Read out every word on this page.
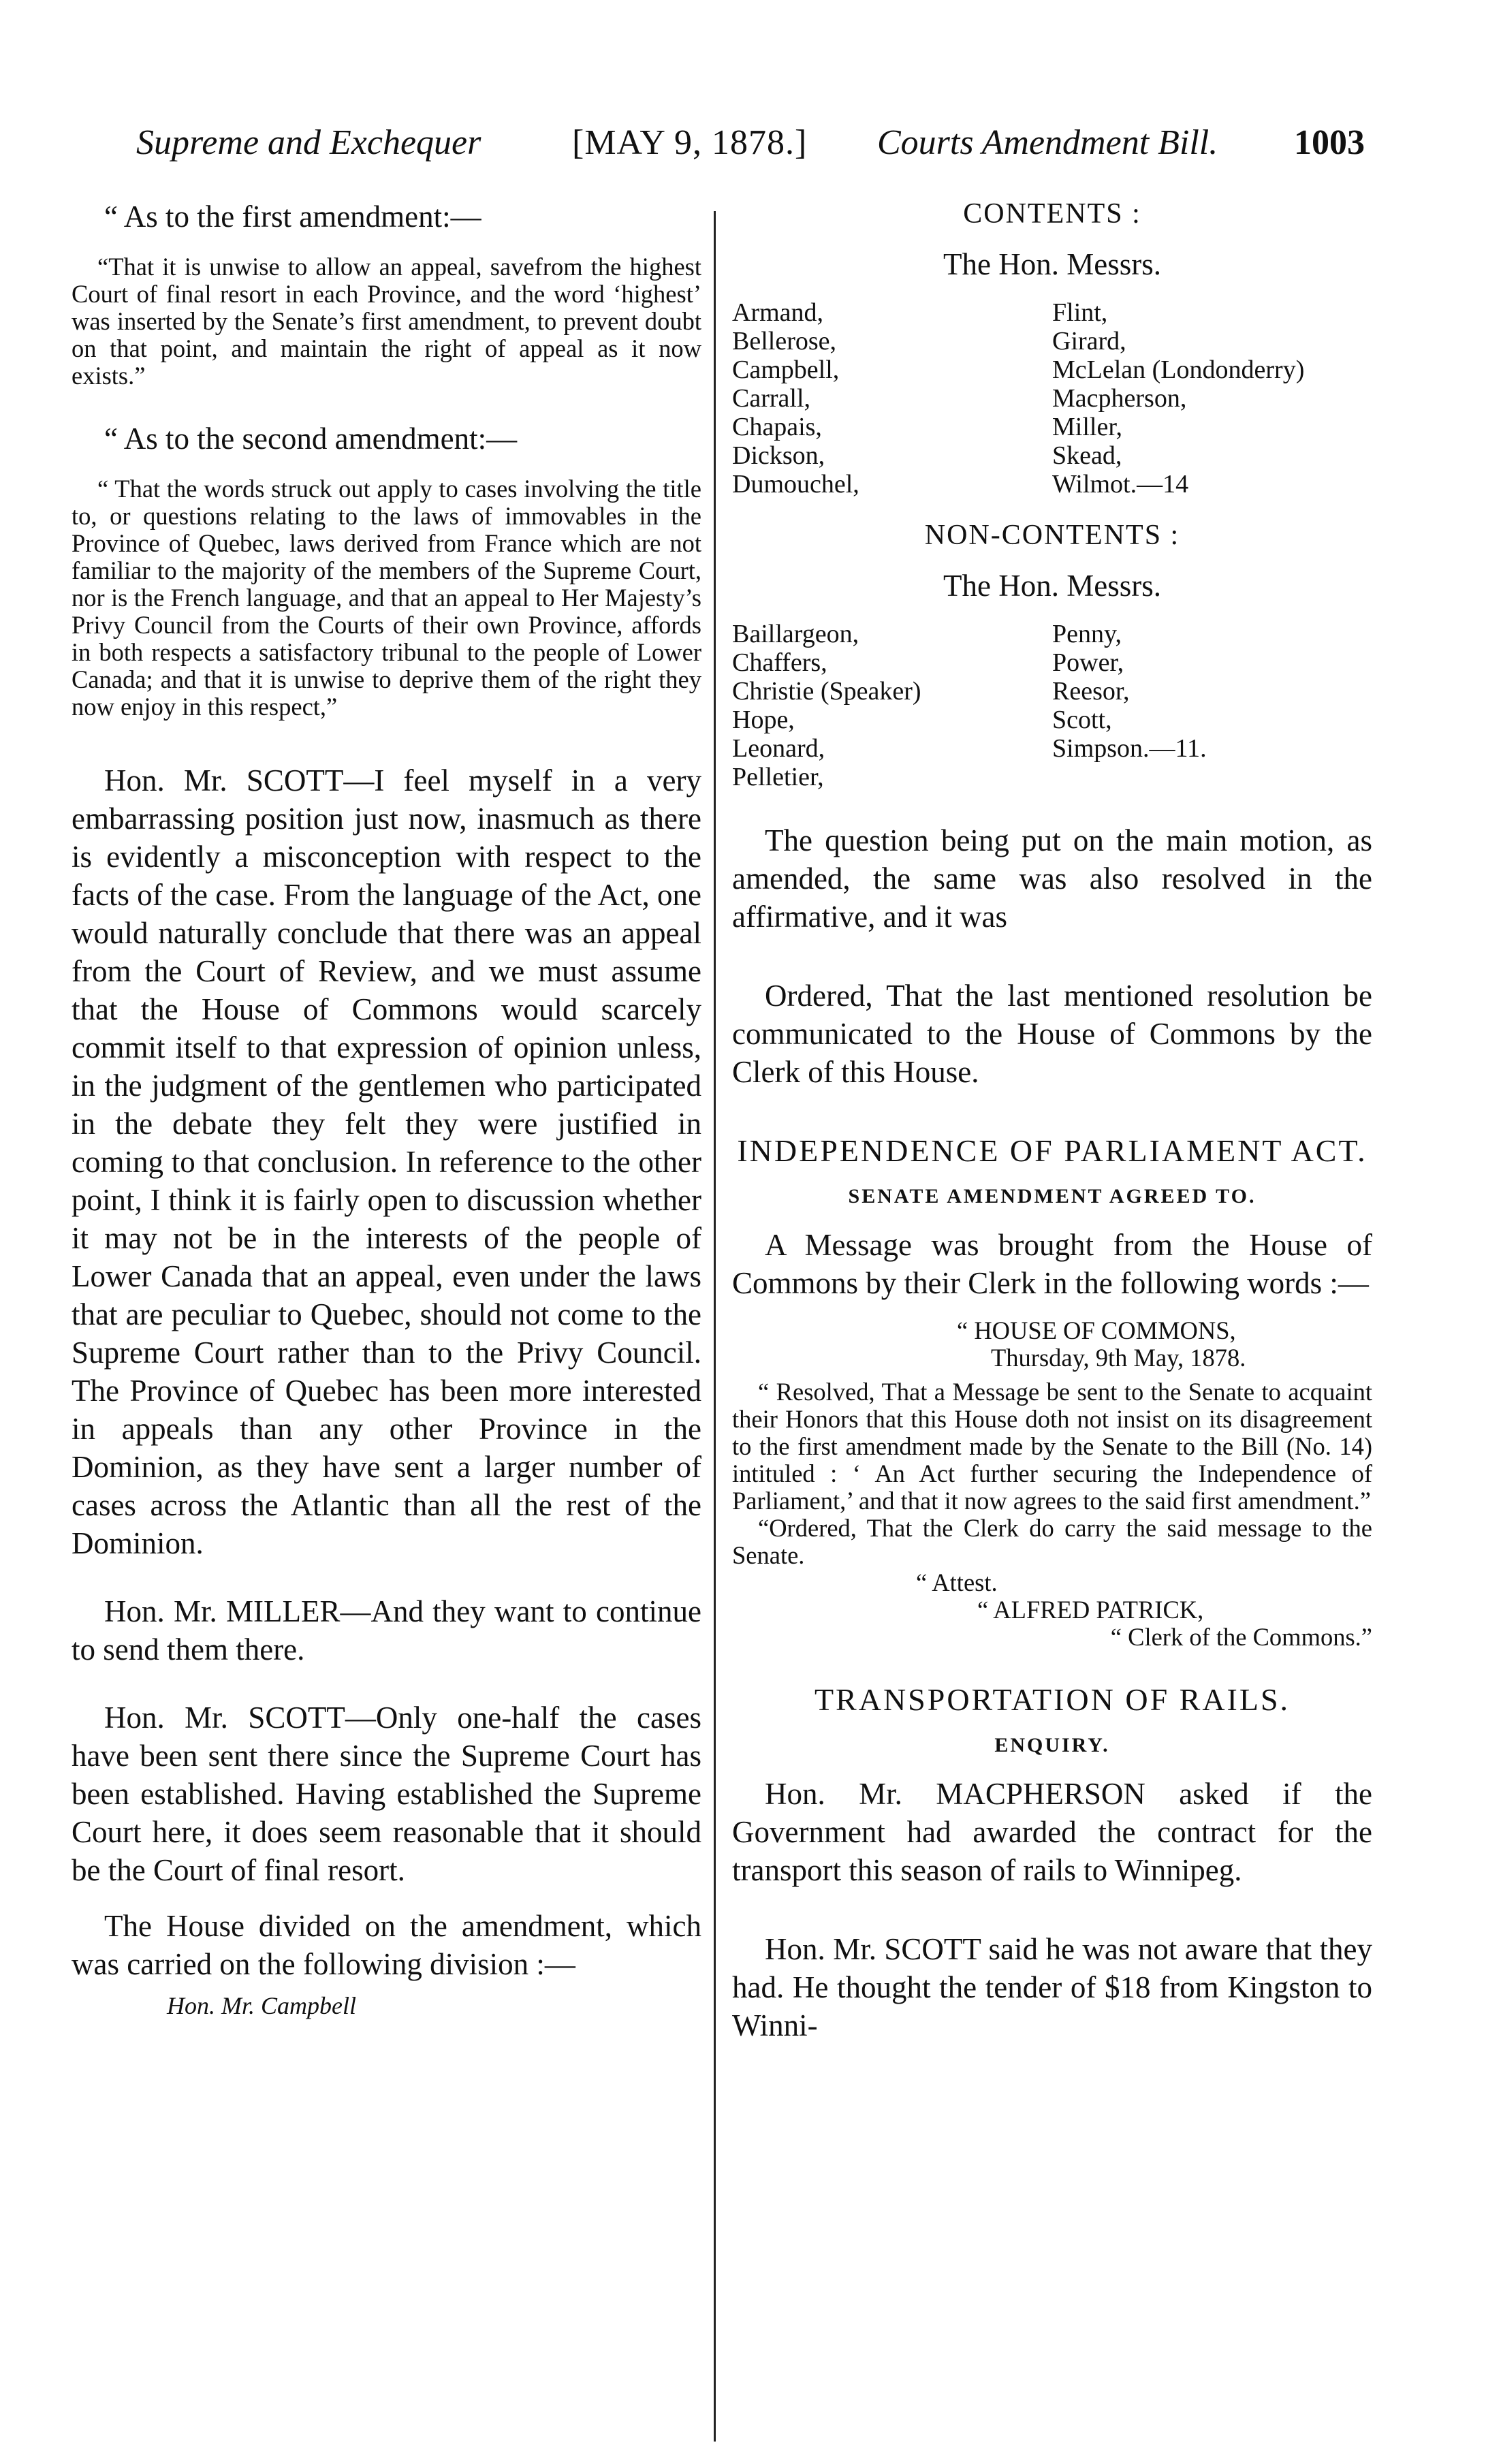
Supreme and Exchequer	[MAY 9, 1878.] Courts Amendment Bill. 1003

“ As to the first amendment:—

“That it is unwise to allow an appeal, savefrom the highest Court of final resort in each Province, and the word ‘highest’ was inserted by the Senate’s first amendment, to prevent doubt on that point, and maintain the right of appeal as it now exists.”

“ As to the second amendment:—

“ That the words struck out apply to cases involving the title to, or questions relating to the laws of immovables in the Province of Quebec, laws derived from France which are not familiar to the majority of the members of the Supreme Court, nor is the French language, and that an appeal to Her Majesty’s Privy Council from the Courts of their own Province, affords in both respects a satisfactory tribunal to the people of Lower Canada; and that it is unwise to deprive them of the right they now enjoy in this respect,”

Hon. Mr. SCOTT—I feel myself in a very embarrassing position just now, inasmuch as there is evidently a misconception with respect to the facts of the case. From the language of the Act, one would naturally conclude that there was an appeal from the Court of Review, and we must assume that the House of Commons would scarcely commit itself to that expression of opinion unless, in the judgment of the gentlemen who participated in the debate they felt they were justified in coming to that conclusion. In reference to the other point, I think it is fairly open to discussion whether it may not be in the interests of the people of Lower Canada that an appeal, even under the laws that are peculiar to Quebec, should not come to the Supreme Court rather than to the Privy Council. The Province of Quebec has been more interested in appeals than any other Province in the Dominion, as they have sent a larger number of cases across the Atlantic than all the rest of the Dominion.

Hon. Mr. MILLER—And they want to continue to send them there.

Hon. Mr. SCOTT—Only one-half the cases have been sent there since the Supreme Court has been established. Having established the Supreme Court here, it does seem reasonable that it should be the Court of final resort.

The House divided on the amendment, which was carried on the following division :—

Hon. Mr. Campbell
CONTENTS :
The Hon. Messrs.
Armand,
Bellerose,
Campbell,
Carrall,
Chapais,
Dickson,
Dumouchel,
Flint,
Girard,
McLelan (Londonderry)
Macpherson,
Miller,
Skead,
Wilmot.—14
NON-CONTENTS :
The Hon. Messrs.
Baillargeon,
Chaffers,
Christie (Speaker)
Hope,
Leonard,
Pelletier,
Penny,
Power,
Reesor,
Scott,
Simpson.—11.

The question being put on the main motion, as amended, the same was also resolved in the affirmative, and it was

Ordered, That the last mentioned resolution be communicated to the House of Commons by the Clerk of this House.

INDEPENDENCE OF PARLIAMENT ACT.
SENATE AMENDMENT AGREED TO.

A Message was brought from the House of Commons by their Clerk in the following words :—

“ HOUSE OF COMMONS,
Thursday, 9th May, 1878.

“ Resolved, That a Message be sent to the Senate to acquaint their Honors that this House doth not insist on its disagreement to the first amendment made by the Senate to the Bill (No. 14) intituled : ‘ An Act further securing the Independence of Parliament,’ and that it now agrees to the said first amendment.”

“Ordered, That the Clerk do carry the said message to the Senate.

“ Attest.
“ ALFRED PATRICK,
“ Clerk of the Commons.”
TRANSPORTATION OF RAILS.
ENQUIRY.

Hon. Mr. MACPHERSON asked if the Government had awarded the contract for the transport this season of rails to Winnipeg.

Hon. Mr. SCOTT said he was not aware that they had. He thought the tender of $18 from Kingston to Winni-
